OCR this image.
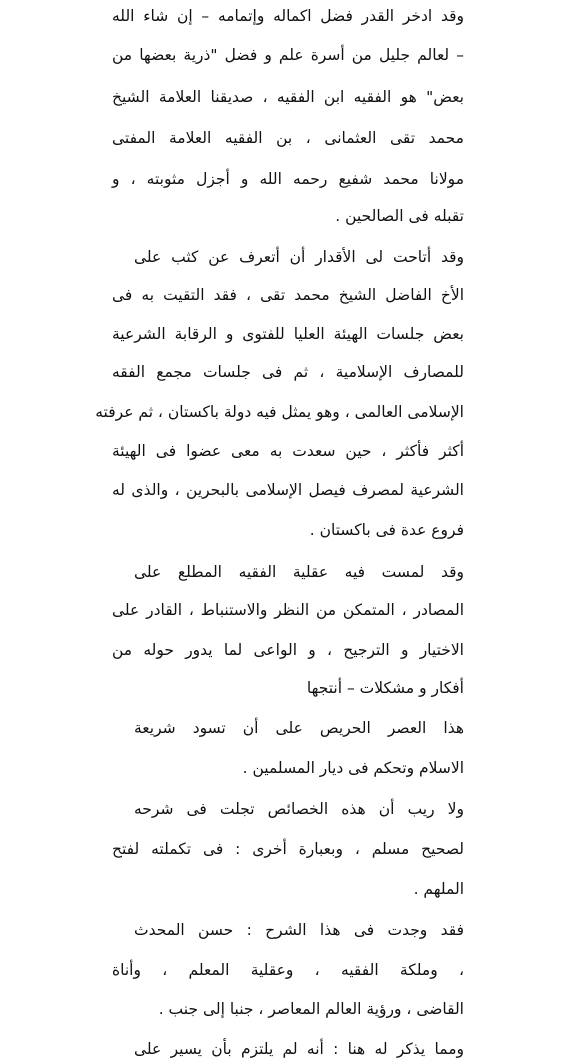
وقد ادخر القدر فضل اكماله وإتمامه – إن شاء الله
– لعالم جليل من أسرة علم و فضل "ذرية بعضها من
بعض" هو الفقيه ابن الفقيه ، صديقنا العلامة الشيخ
محمد تقى العثمانى ، بن الفقيه العلامة المفتى
مولانا محمد شفيع رحمه الله و أجزل مثوبته ، و
تقبله فى الصالحين .
وقد أتاحت لى الأقدار أن أتعرف عن كثب على
الأخ الفاضل الشيخ محمد تقى ، فقد التقيت به فى
بعض جلسات الهيئة العليا للفتوى و الرقابة الشرعية
للمصارف الإسلامية ، ثم فى جلسات مجمع الفقه
الإسلامى العالمى ، وهو يمثل فيه دولة باكستان ، ثم عرفته
أكثر فأكثر ، حين سعدت به معى عضوا فى الهيئة
الشرعية لمصرف فيصل الإسلامى بالبحرين ، والذى له
فروع عدة فى باكستان .
وقد لمست فيه عقلية الفقيه المطلع على
المصادر ، المتمكن من النظر والاستنباط ، القادر على
الاختيار و الترجيح ، و الواعى لما يدور حوله من
أفكار و مشكلات – أنتجها
هذا العصر الحريص على أن تسود شريعة
الاسلام وتحكم فى ديار المسلمين .
ولا ريب أن هذه الخصائص تجلت فى شرحه
لصحيح مسلم ، وبعبارة أخرى : فى تكملته لفتح
الملهم .
فقد وجدت فى هذا الشرح : حسن المحدث
، وملكة الفقيه ، وعقلية المعلم ، وأناة
القاضى ، ورؤية العالم المعاصر ، جنبا إلى جنب .
ومما يذكر له هنا : أنه لم يلتزم بأن يسير على
